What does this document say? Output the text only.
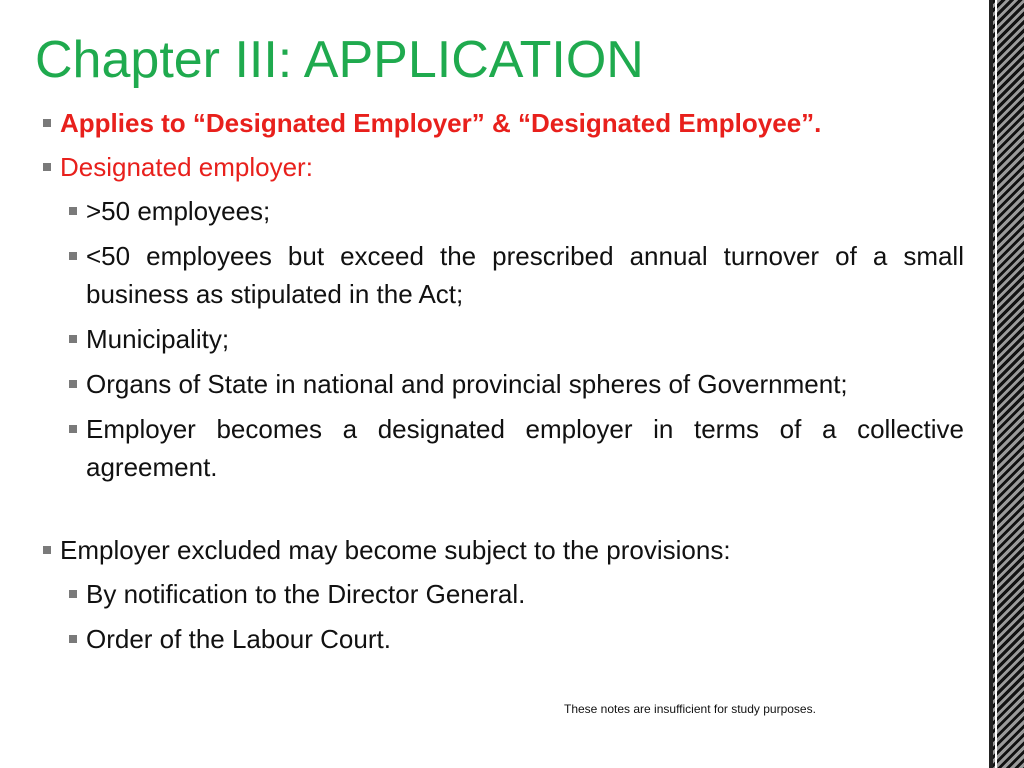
Chapter III: APPLICATION
Applies to “Designated Employer” & “Designated Employee”.
Designated employer:
>50 employees;
<50 employees but exceed the prescribed annual turnover of a small business as stipulated in the Act;
Municipality;
Organs of State in national and provincial spheres of Government;
Employer becomes a designated employer in terms of a collective agreement.
Employer excluded may become subject to the provisions:
By notification to the Director General.
Order of the Labour Court.
These notes are insufficient for study purposes.
